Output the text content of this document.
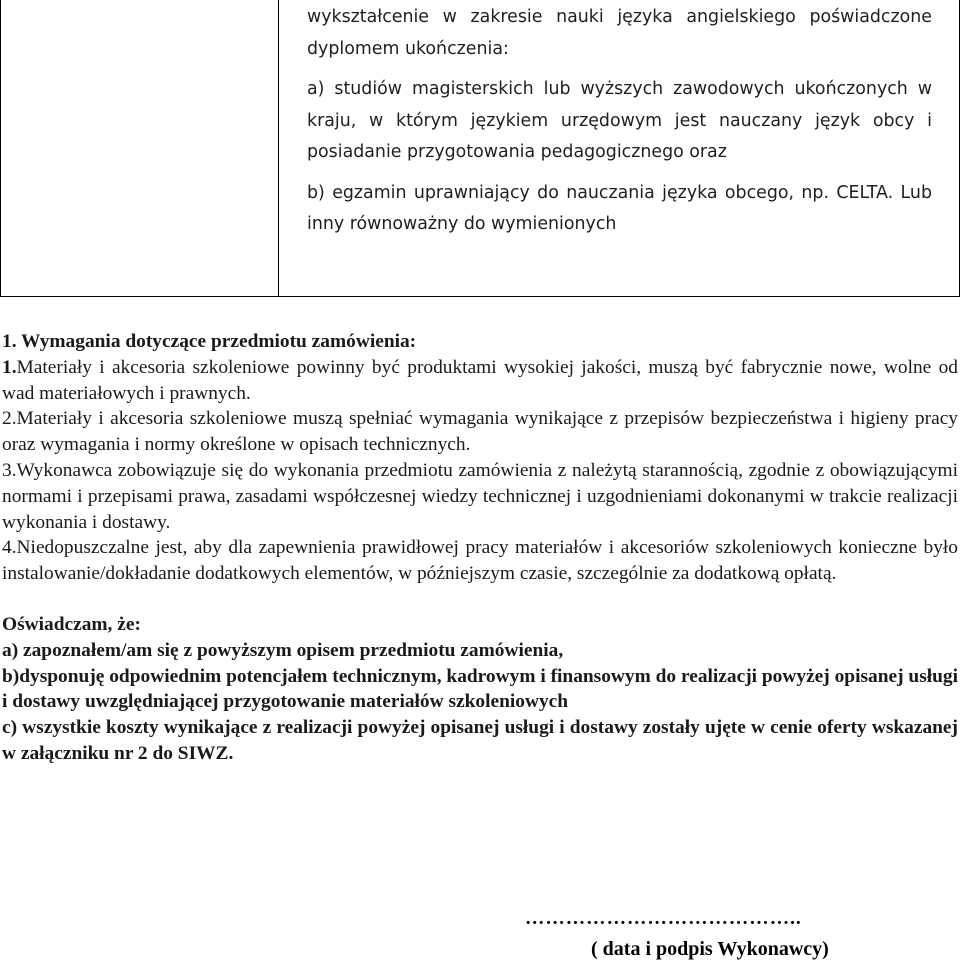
wykształcenie w zakresie nauki języka angielskiego poświadczone dyplomem ukończenia:

a) studiów magisterskich lub wyższych zawodowych ukończonych w kraju, w którym językiem urzędowym jest nauczany język obcy i posiadanie przygotowania pedagogicznego oraz

b) egzamin uprawniający do nauczania języka obcego, np. CELTA. Lub inny równoważny do wymienionych

1. Wymagania dotyczące przedmiotu zamówienia:

1.Materiały i akcesoria szkoleniowe powinny być produktami wysokiej jakości, muszą być fabrycznie nowe, wolne od wad materiałowych i prawnych.

2.Materiały i akcesoria szkoleniowe muszą spełniać wymagania wynikające z przepisów bezpieczeństwa i higieny pracy oraz wymagania i normy określone w opisach technicznych.

3.Wykonawca zobowiązuje się do wykonania przedmiotu zamówienia z należytą starannością, zgodnie z obowiązującymi normami i przepisami prawa, zasadami współczesnej wiedzy technicznej i uzgodnieniami dokonanymi w trakcie realizacji wykonania i dostawy.

4.Niedopuszczalne jest, aby dla zapewnienia prawidłowej pracy materiałów i akcesoriów szkoleniowych konieczne było instalowanie/dokładanie dodatkowych elementów, w późniejszym czasie, szczególnie za dodatkową opłatą.

Oświadczam, że:

a) zapoznałem/am się z powyższym opisem przedmiotu zamówienia,

b)dysponuję odpowiednim potencjałem technicznym, kadrowym i finansowym do realizacji powyżej opisanej usługi i dostawy uwzględniającej przygotowanie materiałów szkoleniowych

c) wszystkie koszty wynikające z realizacji powyżej opisanej usługi i dostawy zostały ujęte w cenie oferty wskazanej w załączniku nr 2 do SIWZ.

…………………………………..
( data i podpis Wykonawcy)
